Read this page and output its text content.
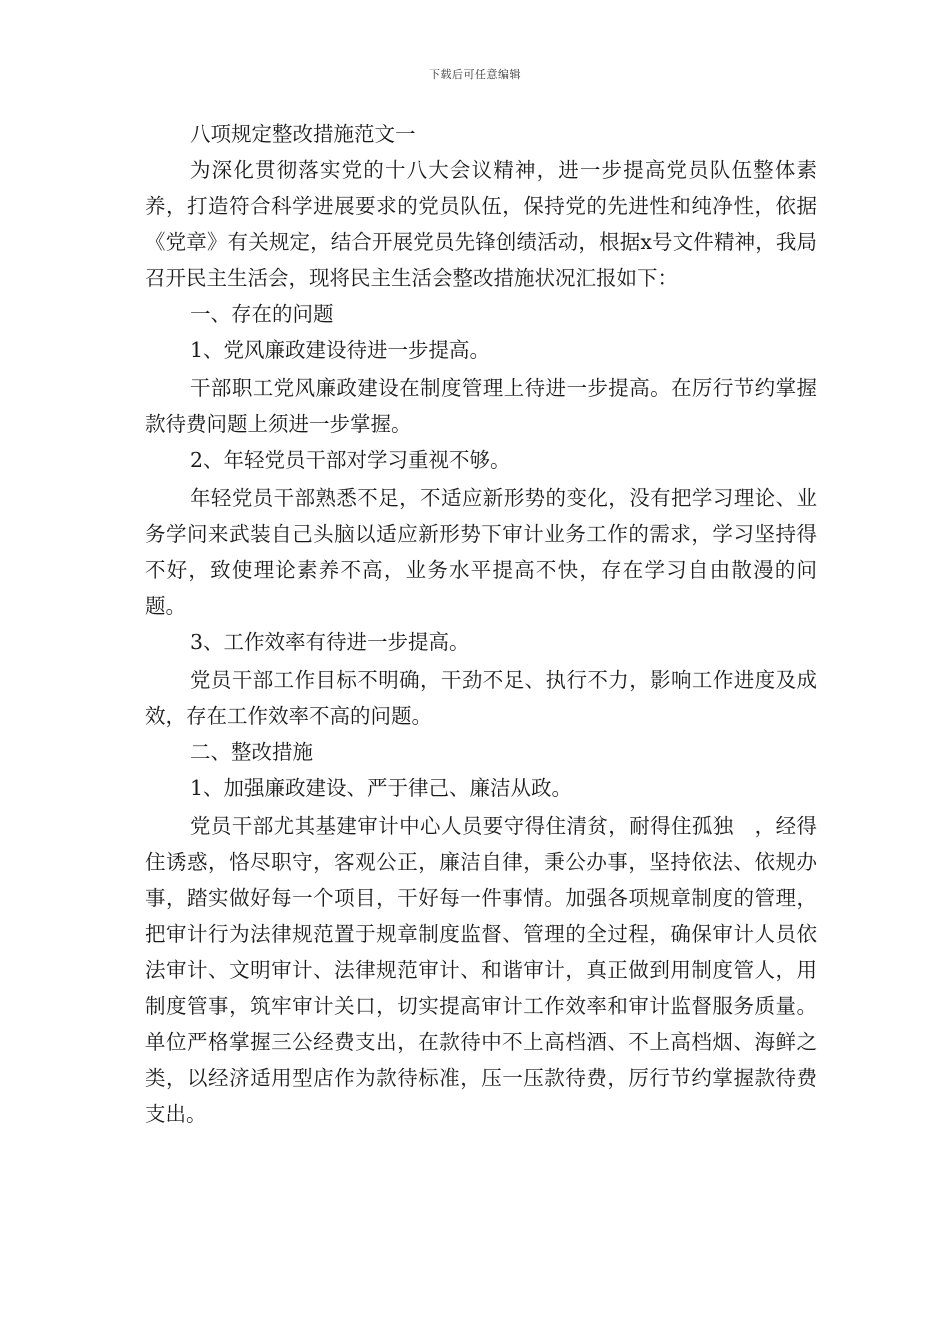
下载后可任意编辑
八项规定整改措施范文一

为深化贯彻落实党的十八大会议精神，进一步提高党员队伍整体素养，打造符合科学进展要求的党员队伍，保持党的先进性和纯净性，依据《党章》有关规定，结合开展党员先锋创绩活动，根据x号文件精神，我局召开民主生活会，现将民主生活会整改措施状况汇报如下：

一、存在的问题

1、党风廉政建设待进一步提高。

干部职工党风廉政建设在制度管理上待进一步提高。在厉行节约掌握款待费问题上须进一步掌握。

2、年轻党员干部对学习重视不够。

年轻党员干部熟悉不足，不适应新形势的变化，没有把学习理论、业务学问来武装自己头脑以适应新形势下审计业务工作的需求，学习坚持得不好，致使理论素养不高，业务水平提高不快，存在学习自由散漫的问题。

3、工作效率有待进一步提高。

党员干部工作目标不明确，干劲不足、执行不力，影响工作进度及成效，存在工作效率不高的问题。

二、整改措施

1、加强廉政建设、严于律己、廉洁从政。

党员干部尤其基建审计中心人员要守得住清贫，耐得住孤独　，经得住诱惑，恪尽职守，客观公正，廉洁自律，秉公办事，坚持依法、依规办事，踏实做好每一个项目，干好每一件事情。加强各项规章制度的管理，把审计行为法律规范置于规章制度监督、管理的全过程，确保审计人员依法审计、文明审计、法律规范审计、和谐审计，真正做到用制度管人，用制度管事，筑牢审计关口，切实提高审计工作效率和审计监督服务质量。单位严格掌握三公经费支出，在款待中不上高档酒、不上高档烟、海鲜之类，以经济适用型店作为款待标准，压一压款待费，厉行节约掌握款待费支出。
